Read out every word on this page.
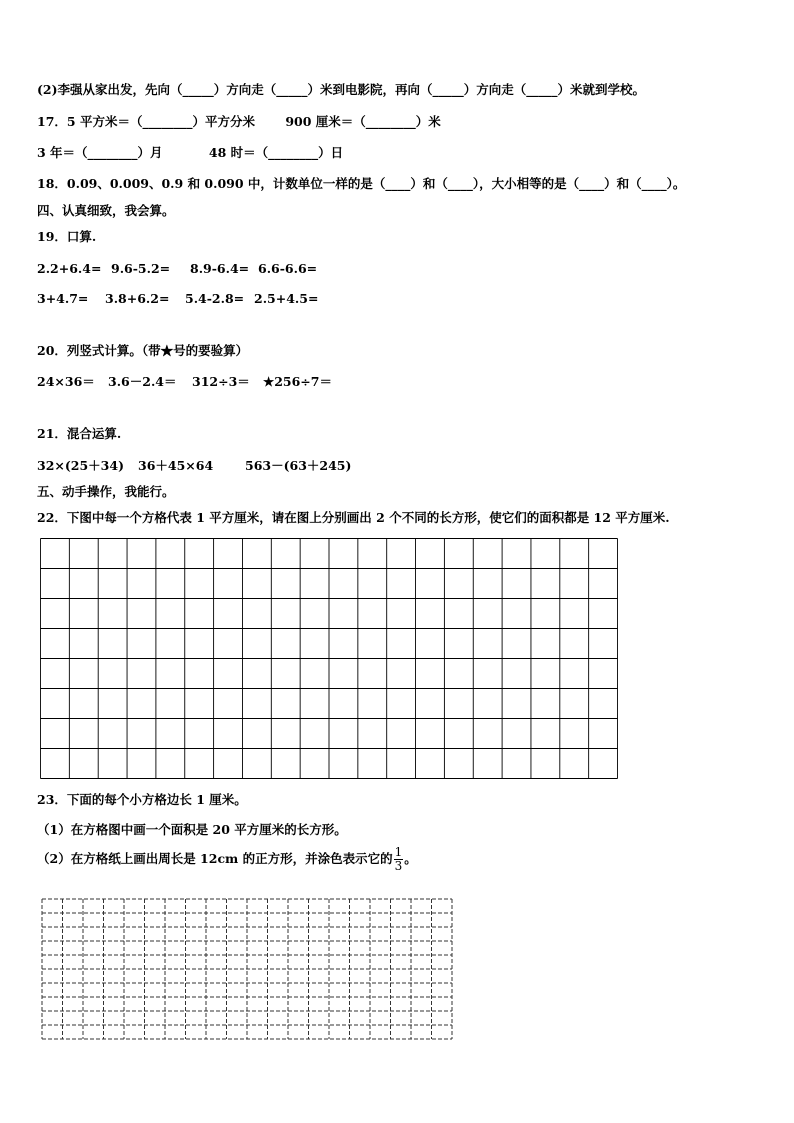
(2)李强从家出发，先向（_____）方向走（_____）米到电影院，再向（_____）方向走（_____）米就到学校。
17．5 平方米＝（________）平方分米 900 厘米＝（________）米
3 年＝（________）月	48 时＝（________）日
18．0.09、0.009、0.9 和 0.090 中，计数单位一样的是（____）和（____），大小相等的是（____）和（____）。
四、认真细致，我会算。
19．口算.
2.2+6.4= 9.6-5.2= 8.9-6.4= 6.6-6.6=
3+4.7= 3.8+6.2= 5.4-2.8= 2.5+4.5=
20．列竖式计算。（带★号的要验算）
24×36＝ 3.6－2.4＝ 312÷3＝ ★256÷7＝
21．混合运算.
32×(25＋34) 36＋45×64	563－(63＋245)
五、动手操作，我能行。
22．下图中每一个方格代表 1 平方厘米，请在图上分别画出 2 个不同的长方形，使它们的面积都是 12 平方厘米.
23．下面的每个小方格边长 1 厘米。
（1）在方格图中画一个面积是 20 平方厘米的长方形。
（2）在方格纸上画出周长是 12cm 的正方形，并涂色表示它的 $\frac{1}{3}$ 。
